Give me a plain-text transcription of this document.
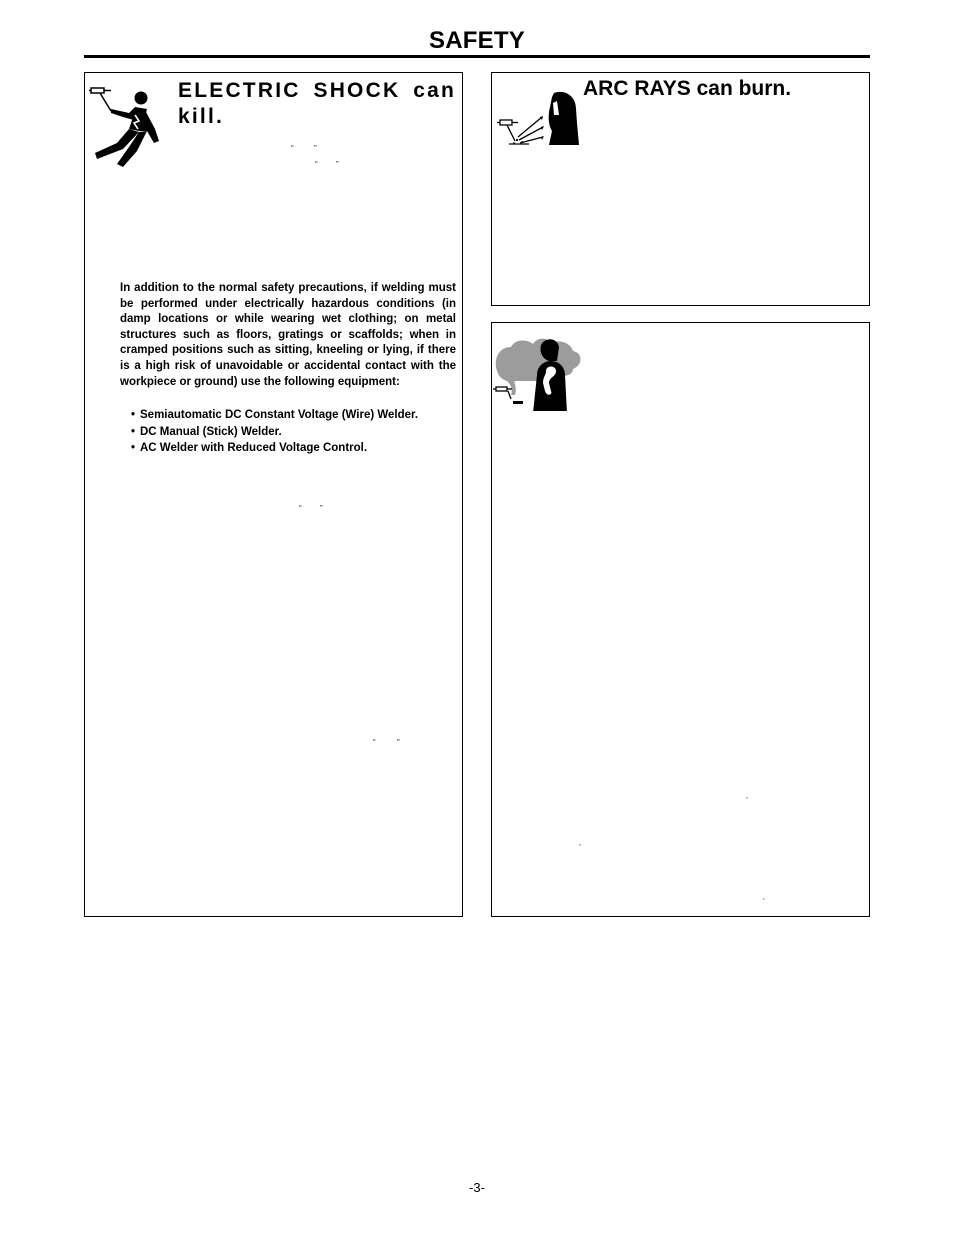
SAFETY
ELECTRIC SHOCK can kill.
“	”
“ ”

In addition to the normal safety precautions, if welding must be performed under electrically hazardous conditions (in damp locations or while wearing wet clothing; on metal structures such as floors, gratings or scaffolds; when in cramped positions such as sitting, kneeling or lying, if there is a high risk of unavoidable or accidental contact with the workpiece or ground) use the following equipment:

• Semiautomatic DC Constant Voltage (Wire) Welder.
• DC Manual (Stick) Welder.
• AC Welder with Reduced Voltage Control.
“ ”
“	”
ARC RAYS can burn.
’
’
‘
-3-
